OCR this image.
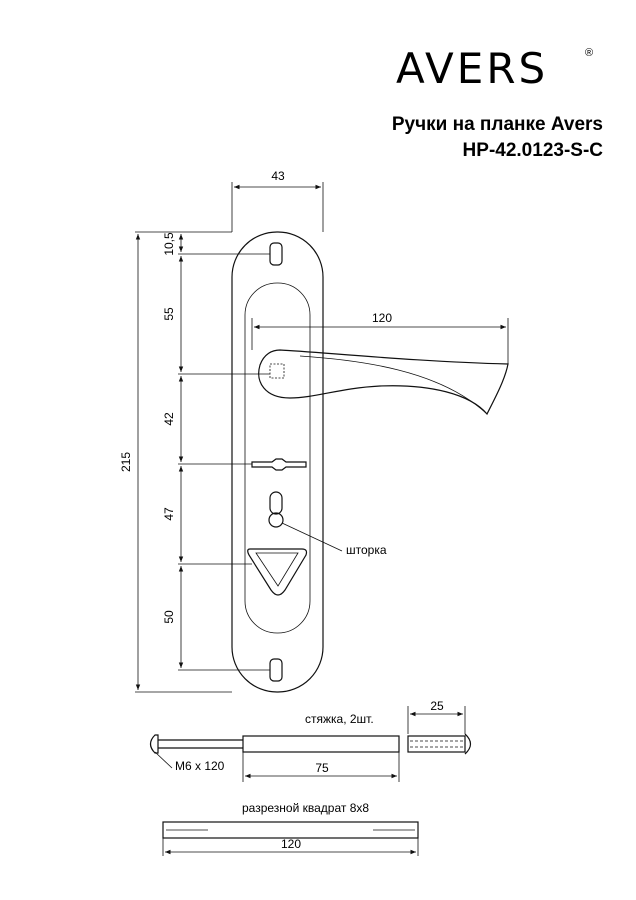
AVERS	®
Ручки на планке Avers
HP-42.0123-S-C
43
120
10,5
55
42
47
50
215
шторка
стяжка, 2шт.
25
М6 х 120	75
разрезной квадрат 8х8
120
